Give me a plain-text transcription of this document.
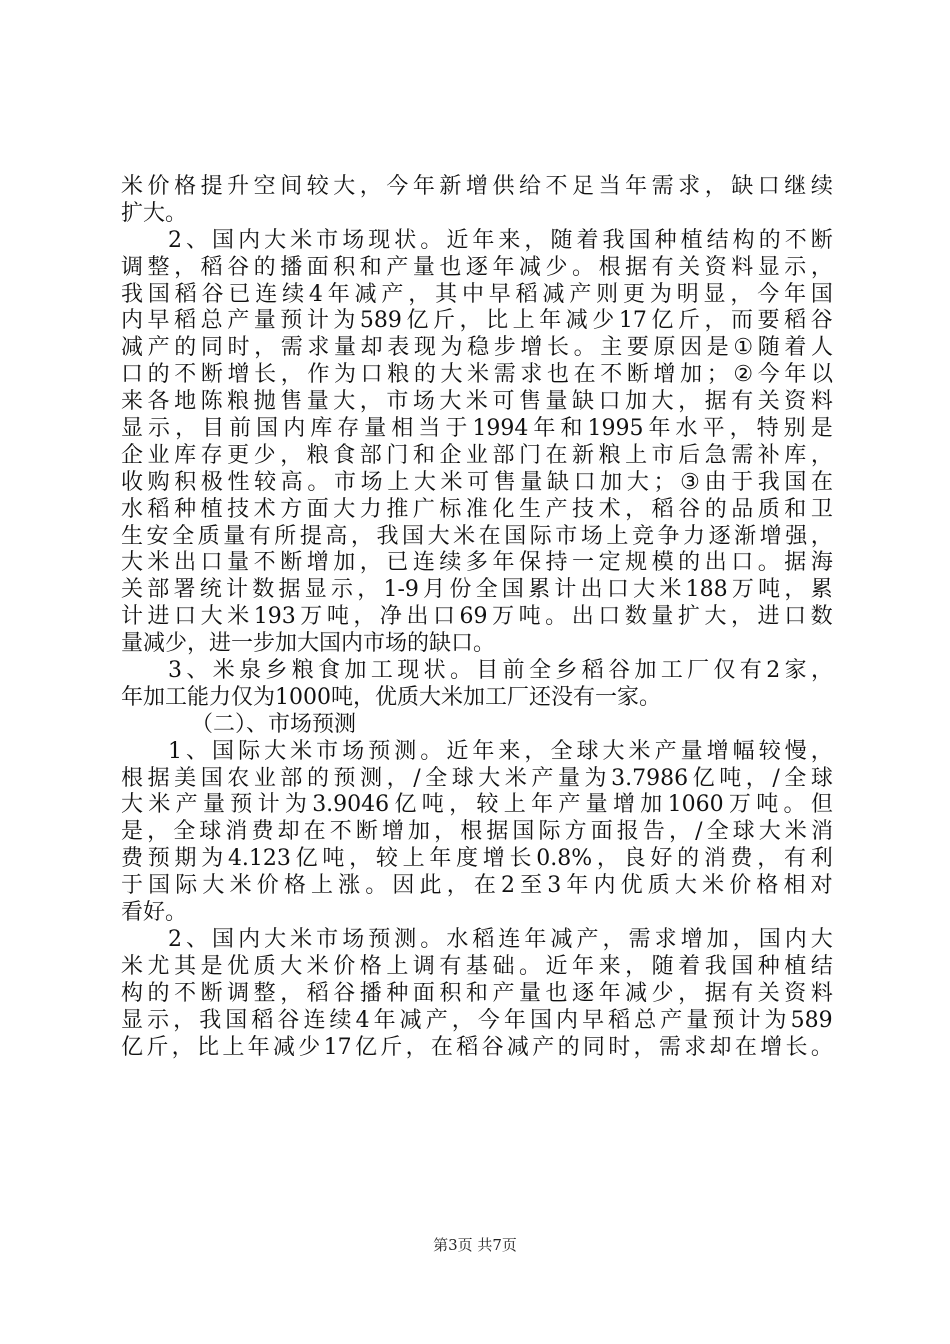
米 价 格 提 升 空 间 较 大 ， 今 年 新 增 供 给 不 足 当 年 需 求 ， 缺 口 继 续
扩大。
2 、 国 内 大 米 市 场 现 状 。 近 年 来 ， 随 着 我 国 种 植 结 构 的 不 断
调 整 ， 稻 谷 的 播 面 积 和 产 量 也 逐 年 减 少 。 根 据 有 关 资 料 显 示 ，
我 国 稻 谷 已 连 续 4 年 减 产 ， 其 中 早 稻 减 产 则 更 为 明 显 ， 今 年 国
内 早 稻 总 产 量 预 计 为 589 亿 斤 ， 比 上 年 减 少 17 亿 斤 ， 而 要 稻 谷
减 产 的 同 时 ， 需 求 量 却 表 现 为 稳 步 增 长 。 主 要 原 因 是 ① 随 着 人
口 的 不 断 增 长 ， 作 为 口 粮 的 大 米 需 求 也 在 不 断 增 加 ； ② 今 年 以
来 各 地 陈 粮 抛 售 量 大 ， 市 场 大 米 可 售 量 缺 口 加 大 ， 据 有 关 资 料
显 示 ， 目 前 国 内 库 存 量 相 当 于 1994 年 和 1995 年 水 平 ， 特 别 是
企 业 库 存 更 少 ， 粮 食 部 门 和 企 业 部 门 在 新 粮 上 市 后 急 需 补 库 ，
收 购 积 极 性 较 高 。 市 场 上 大 米 可 售 量 缺 口 加 大 ； ③ 由 于 我 国 在
水 稻 种 植 技 术 方 面 大 力 推 广 标 准 化 生 产 技 术 ， 稻 谷 的 品 质 和 卫
生 安 全 质 量 有 所 提 高 ， 我 国 大 米 在 国 际 市 场 上 竞 争 力 逐 渐 增 强 ，
大 米 出 口 量 不 断 增 加 ， 已 连 续 多 年 保 持 一 定 规 模 的 出 口 。 据 海
关 部 署 统 计 数 据 显 示 ， 1-9 月 份 全 国 累 计 出 口 大 米 188 万 吨 ， 累
计 进 口 大 米 193 万 吨 ， 净 出 口 69 万 吨 。 出 口 数 量 扩 大 ， 进 口 数
量减少，进一步加大国内市场的缺口。
3 、 米 泉 乡 粮 食 加 工 现 状 。 目 前 全 乡 稻 谷 加 工 厂 仅 有 2 家 ，
年加工能力仅为1000吨，优质大米加工厂还没有一家。
（二）、市场预测
1 、 国 际 大 米 市 场 预 测 。 近 年 来 ， 全 球 大 米 产 量 增 幅 较 慢 ，
根 据 美 国 农 业 部 的 预 测 ， / 全 球 大 米 产 量 为 3.7986 亿 吨 ， / 全 球
大 米 产 量 预 计 为 3.9046 亿 吨 ， 较 上 年 产 量 增 加 1060 万 吨 。 但
是 ， 全 球 消 费 却 在 不 断 增 加 ， 根 据 国 际 方 面 报 告 ， / 全 球 大 米 消
费 预 期 为 4.123 亿 吨 ， 较 上 年 度 增 长 0.8% ， 良 好 的 消 费 ， 有 利
于 国 际 大 米 价 格 上 涨 。 因 此 ， 在 2 至 3 年 内 优 质 大 米 价 格 相 对
看好。
2 、 国 内 大 米 市 场 预 测 。 水 稻 连 年 减 产 ， 需 求 增 加 ， 国 内 大
米 尤 其 是 优 质 大 米 价 格 上 调 有 基 础 。 近 年 来 ， 随 着 我 国 种 植 结
构 的 不 断 调 整 ， 稻 谷 播 种 面 积 和 产 量 也 逐 年 减 少 ， 据 有 关 资 料
显 示 ， 我 国 稻 谷 连 续 4 年 减 产 ， 今 年 国 内 早 稻 总 产 量 预 计 为 589
亿 斤 ， 比 上 年 减 少 17 亿 斤 ， 在 稻 谷 减 产 的 同 时 ， 需 求 却 在 增 长 。
第3页 共7页
